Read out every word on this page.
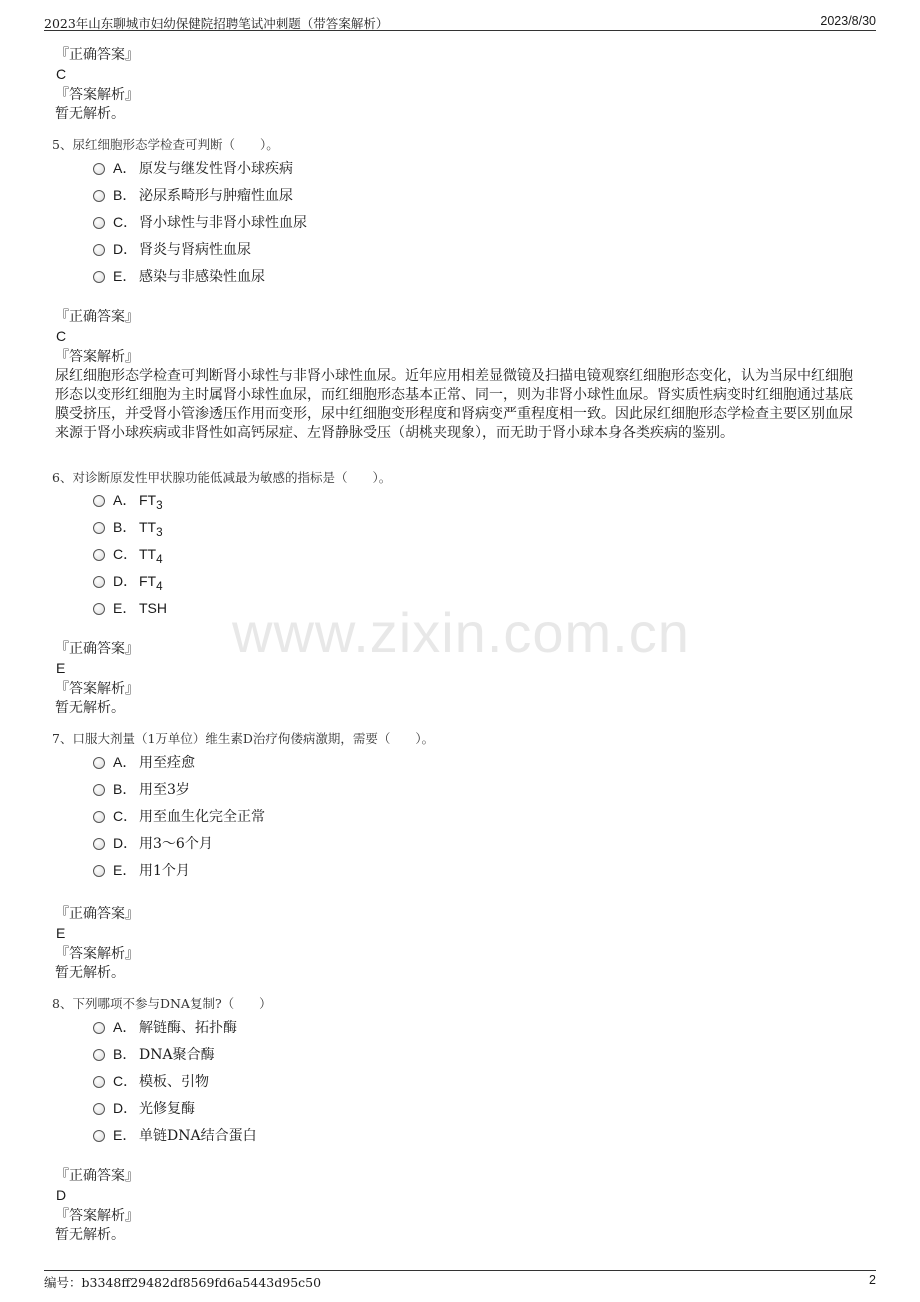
2023年山东聊城市妇幼保健院招聘笔试冲刺题（带答案解析）	2023/8/30
www.zixin.com.cn
『正确答案』
C
『答案解析』
暂无解析。
5、尿红细胞形态学检查可判断（　　）。
A． 原发与继发性肾小球疾病
B． 泌尿系畸形与肿瘤性血尿
C． 肾小球性与非肾小球性血尿
D． 肾炎与肾病性血尿
E． 感染与非感染性血尿
『正确答案』
C
『答案解析』
尿红细胞形态学检查可判断肾小球性与非肾小球性血尿。近年应用相差显微镜及扫描电镜观察红细胞形态变化，认为当尿中红细胞形态以变形红细胞为主时属肾小球性血尿，而红细胞形态基本正常、同一，则为非肾小球性血尿。肾实质性病变时红细胞通过基底膜受挤压，并受肾小管渗透压作用而变形，尿中红细胞变形程度和肾病变严重程度相一致。因此尿红细胞形态学检查主要区别血尿来源于肾小球疾病或非肾性如高钙尿症、左肾静脉受压（胡桃夹现象），而无助于肾小球本身各类疾病的鉴别。
6、对诊断原发性甲状腺功能低减最为敏感的指标是（　　）。
A． $FT_3$
B． $TT_3$
C． $TT_4$
D． $FT_4$
E． TSH
『正确答案』
E
『答案解析』
暂无解析。
7、口服大剂量（1万单位）维生素D治疗佝偻病激期，需要（　　）。
A． 用至痊愈
B． 用至3岁
C． 用至血生化完全正常
D． 用3～6个月
E． 用1个月
『正确答案』
E
『答案解析』
暂无解析。
8、下列哪项不参与DNA复制?（　　）
A． 解链酶、拓扑酶
B． DNA聚合酶
C． 模板、引物
D． 光修复酶
E． 单链DNA结合蛋白
『正确答案』
D
『答案解析』
暂无解析。
编号：b3348ff29482df8569fd6a5443d95c50	2
